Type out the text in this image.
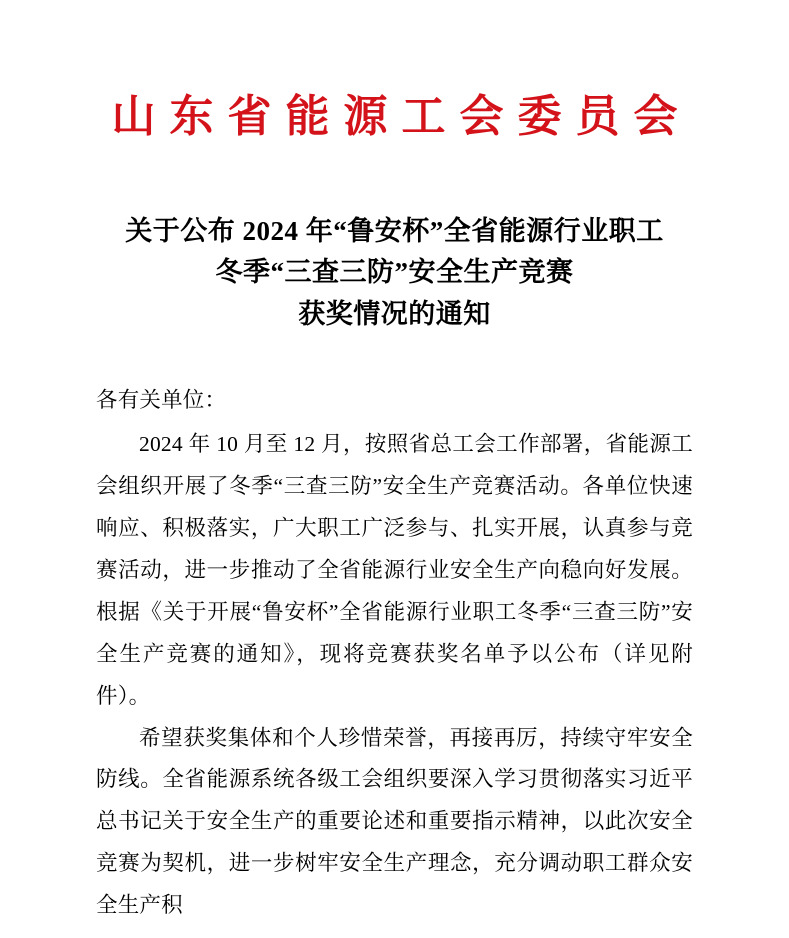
山东省能源工会委员会
关于公布 2024 年“鲁安杯”全省能源行业职工
冬季“三查三防”安全生产竞赛
获奖情况的通知

各有关单位：

2024 年 10 月至 12 月，按照省总工会工作部署，省能源工会组织开展了冬季“三查三防”安全生产竞赛活动。各单位快速响应、积极落实，广大职工广泛参与、扎实开展，认真参与竞赛活动，进一步推动了全省能源行业安全生产向稳向好发展。根据《关于开展“鲁安杯”全省能源行业职工冬季“三查三防”安全生产竞赛的通知》，现将竞赛获奖名单予以公布（详见附件）。

希望获奖集体和个人珍惜荣誉，再接再厉，持续守牢安全防线。全省能源系统各级工会组织要深入学习贯彻落实习近平总书记关于安全生产的重要论述和重要指示精神，以此次安全竞赛为契机，进一步树牢安全生产理念，充分调动职工群众安全生产积
